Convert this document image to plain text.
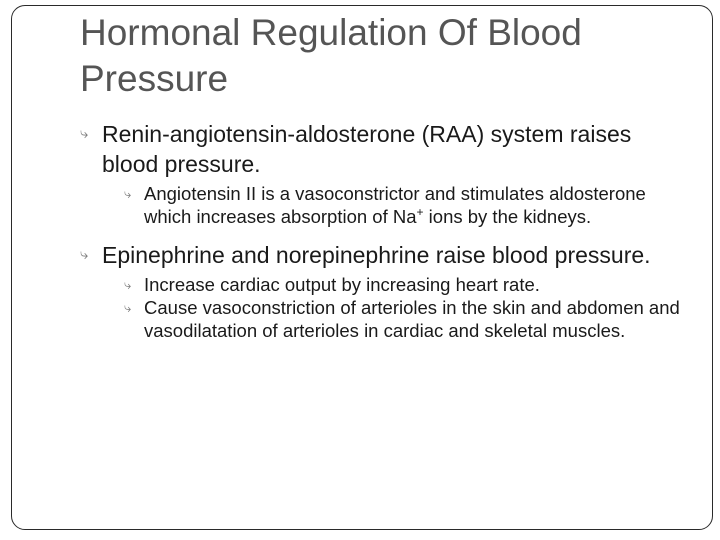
Hormonal Regulation Of Blood Pressure
⤷ Renin-angiotensin-aldosterone (RAA) system raises blood pressure.
⤷ Angiotensin II is a vasoconstrictor and stimulates aldosterone which increases absorption of Na+ ions by the kidneys.
⤷ Epinephrine and norepinephrine raise blood pressure.
⤷ Increase cardiac output by increasing heart rate.
⤷ Cause vasoconstriction of arterioles in the skin and abdomen and vasodilatation of arterioles in cardiac and skeletal muscles.
